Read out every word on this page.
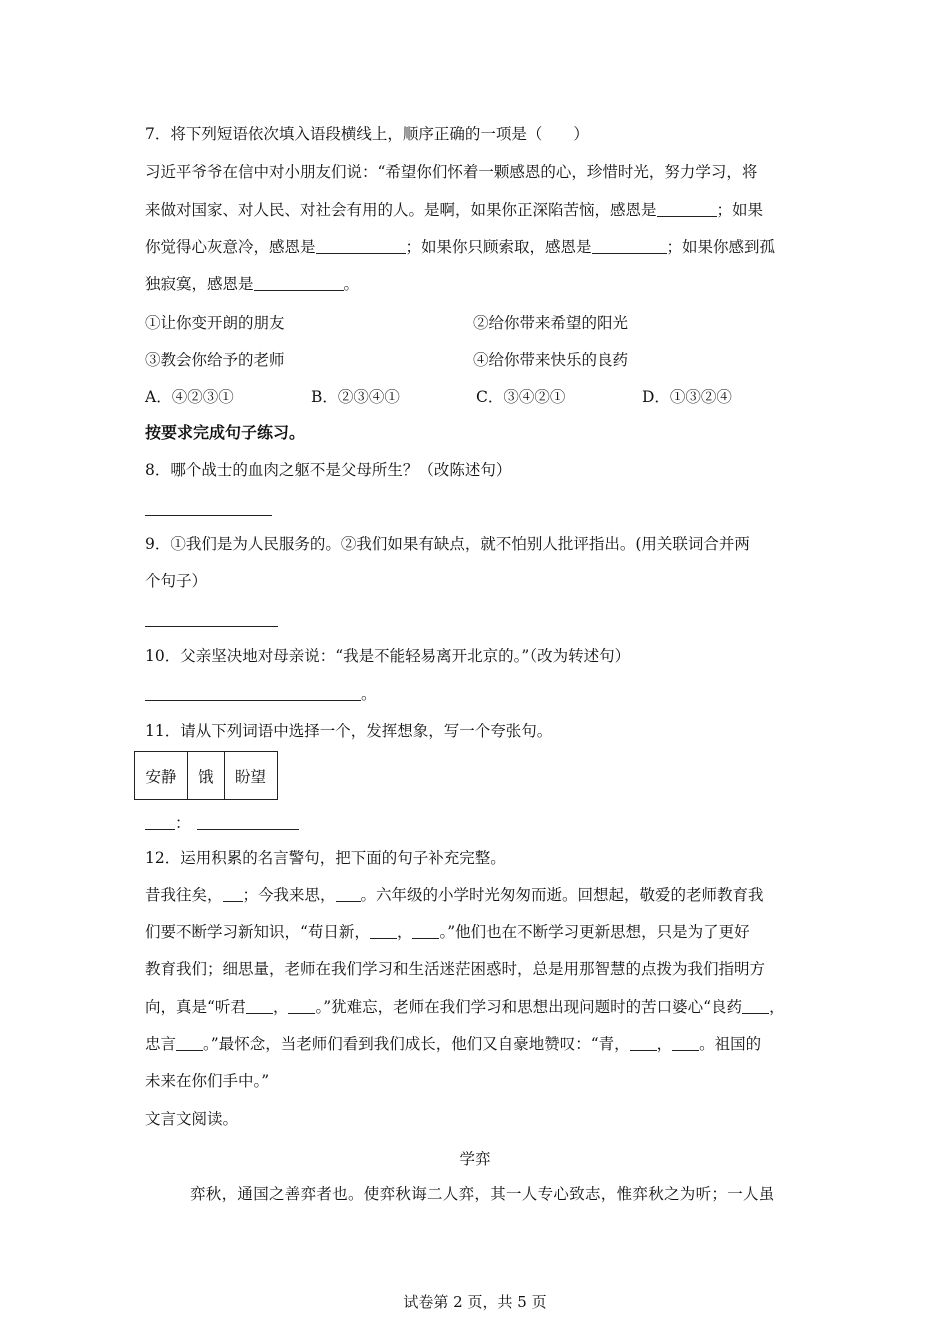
7．将下列短语依次填入语段横线上，顺序正确的一项是（　　）
习近平爷爷在信中对小朋友们说：“希望你们怀着一颗感恩的心，珍惜时光，努力学习，将
来做对国家、对人民、对社会有用的人。是啊，如果你正深陷苦恼，感恩是	；如果
你觉得心灰意冷，感恩是	；如果你只顾索取，感恩是	；如果你感到孤
独寂寞，感恩是	。
①让你变开朗的朋友	②给你带来希望的阳光
③教会你给予的老师	④给你带来快乐的良药
A．④②③①	B．②③④①	C．③④②①	D．①③②④
按要求完成句子练习。
8．哪个战士的血肉之躯不是父母所生？（改陈述句）
9．①我们是为人民服务的。②我们如果有缺点，就不怕别人批评指出。(用关联词合并两
个句子）
10．父亲坚决地对母亲说：“我是不能轻易离开北京的。”（改为转述句）
。
11．请从下列词语中选择一个，发挥想象，写一个夸张句。
安静	饿	盼望
：
12．运用积累的名言警句，把下面的句子补充完整。
昔我往矣， ；今我来思， 。六年级的小学时光匆匆而逝。回想起，敬爱的老师教育我
们要不断学习新知识，“苟日新， ， 。”他们也在不断学习更新思想，只是为了更好
教育我们；细思量，老师在我们学习和生活迷茫困惑时，总是用那智慧的点拨为我们指明方
向，真是“听君 ， 。”犹难忘，老师在我们学习和思想出现问题时的苦口婆心“良药 ，
忠言 。”最怀念，当老师们看到我们成长，他们又自豪地赞叹：“青， ， 。祖国的
未来在你们手中。”
文言文阅读。
学弈
弈秋，通国之善弈者也。使弈秋诲二人弈，其一人专心致志，惟弈秋之为听；一人虽
试卷第 2 页，共 5 页
